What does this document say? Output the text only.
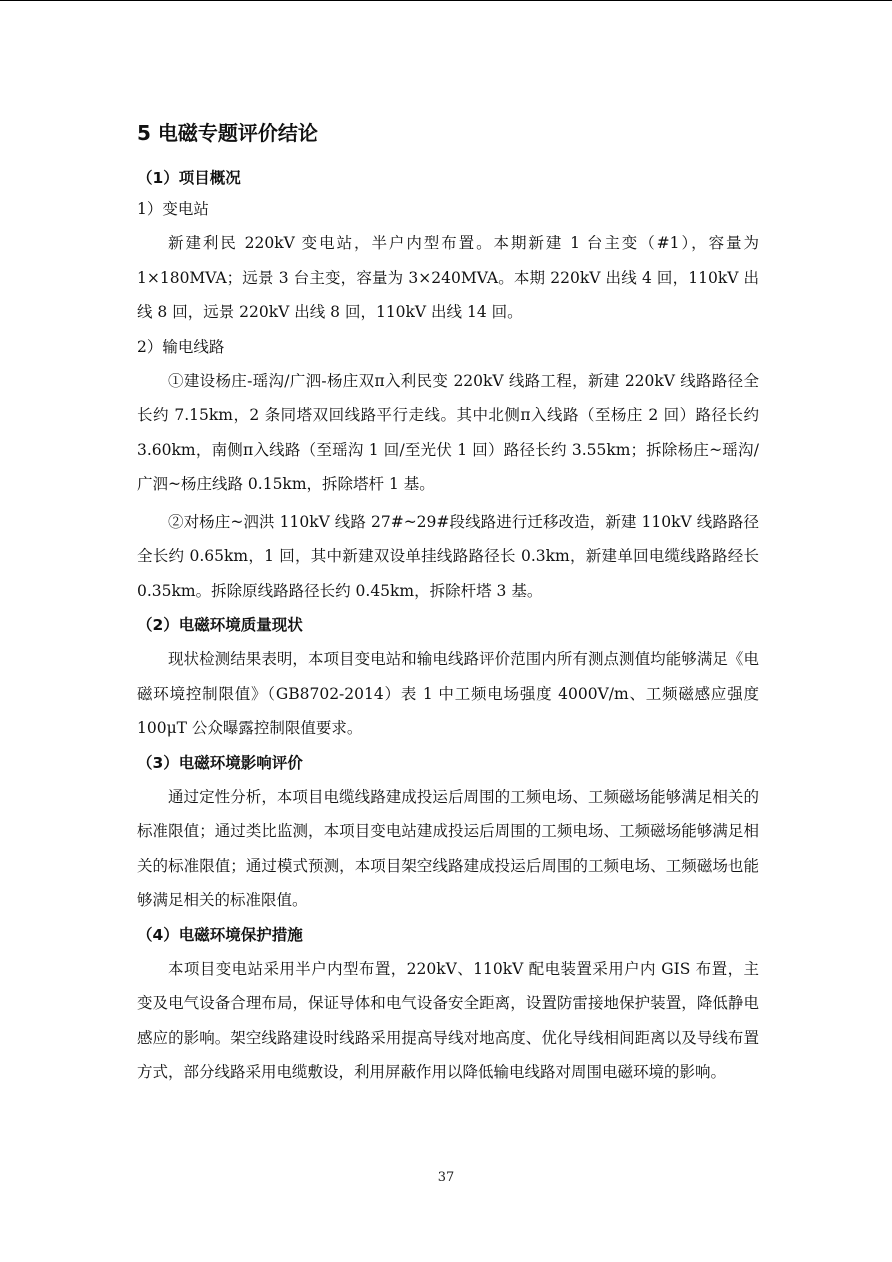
5 电磁专题评价结论
（1）项目概况
1）变电站
新建利民 220kV 变电站，半户内型布置。本期新建 1 台主变（#1），容量为 1×180MVA；远景 3 台主变，容量为 3×240MVA。本期 220kV 出线 4 回，110kV 出线 8 回，远景 220kV 出线 8 回，110kV 出线 14 回。
2）输电线路
①建设杨庄-瑶沟/广泗-杨庄双π入利民变 220kV 线路工程，新建 220kV 线路路径全长约 7.15km，2 条同塔双回线路平行走线。其中北侧π入线路（至杨庄 2 回）路径长约 3.60km，南侧π入线路（至瑶沟 1 回/至光伏 1 回）路径长约 3.55km；拆除杨庄~瑶沟/广泗~杨庄线路 0.15km，拆除塔杆 1 基。
②对杨庄~泗洪 110kV 线路 27#~29#段线路进行迁移改造，新建 110kV 线路路径全长约 0.65km，1 回，其中新建双设单挂线路路径长 0.3km，新建单回电缆线路路经长 0.35km。拆除原线路路径长约 0.45km，拆除杆塔 3 基。
（2）电磁环境质量现状
现状检测结果表明，本项目变电站和输电线路评价范围内所有测点测值均能够满足《电磁环境控制限值》（GB8702-2014）表 1 中工频电场强度 4000V/m、工频磁感应强度 100μT 公众曝露控制限值要求。
（3）电磁环境影响评价
通过定性分析，本项目电缆线路建成投运后周围的工频电场、工频磁场能够满足相关的标准限值；通过类比监测，本项目变电站建成投运后周围的工频电场、工频磁场能够满足相关的标准限值；通过模式预测，本项目架空线路建成投运后周围的工频电场、工频磁场也能够满足相关的标准限值。
（4）电磁环境保护措施
本项目变电站采用半户内型布置，220kV、110kV 配电装置采用户内 GIS 布置，主变及电气设备合理布局，保证导体和电气设备安全距离，设置防雷接地保护装置，降低静电感应的影响。架空线路建设时线路采用提高导线对地高度、优化导线相间距离以及导线布置方式，部分线路采用电缆敷设，利用屏蔽作用以降低输电线路对周围电磁环境的影响。
37
